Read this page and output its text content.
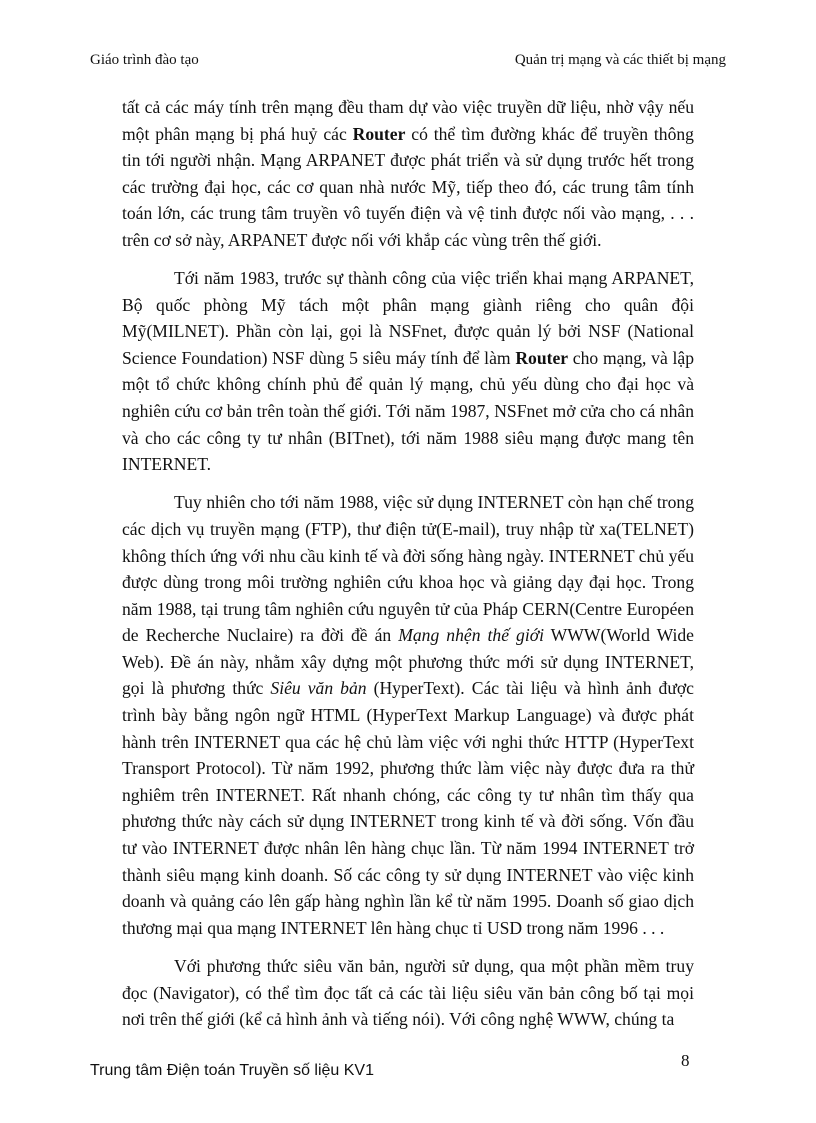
Giáo trình đào tạo	Quản trị mạng và các thiết bị mạng

tất cả các máy tính trên mạng đều tham dự vào việc truyền dữ liệu, nhờ vậy nếu một phân mạng bị phá huỷ các Router có thể tìm đường khác để truyền thông tin tới người nhận. Mạng ARPANET được phát triển và sử dụng trước hết trong các trường đại học, các cơ quan nhà nước Mỹ, tiếp theo đó, các trung tâm tính toán lớn, các trung tâm truyền vô tuyến điện và vệ tinh được nối vào mạng, . . . trên cơ sở này, ARPANET được nối với khắp các vùng trên thế giới.

Tới năm 1983, trước sự thành công của việc triển khai mạng ARPANET, Bộ quốc phòng Mỹ tách một phân mạng giành riêng cho quân đội Mỹ(MILNET). Phần còn lại, gọi là NSFnet, được quản lý bởi NSF (National Science Foundation) NSF dùng 5 siêu máy tính để làm Router cho mạng, và lập một tổ chức không chính phủ để quản lý mạng, chủ yếu dùng cho đại học và nghiên cứu cơ bản trên toàn thế giới. Tới năm 1987, NSFnet mở cửa cho cá nhân và cho các công ty tư nhân (BITnet), tới năm 1988 siêu mạng được mang tên INTERNET.

Tuy nhiên cho tới năm 1988, việc sử dụng INTERNET còn hạn chế trong các dịch vụ truyền mạng (FTP), thư điện tử(E-mail), truy nhập từ xa(TELNET) không thích ứng với nhu cầu kinh tế và đời sống hàng ngày. INTERNET chủ yếu được dùng trong môi trường nghiên cứu khoa học và giảng dạy đại học. Trong năm 1988, tại trung tâm nghiên cứu nguyên tử của Pháp CERN(Centre Européen de Recherche Nuclaire) ra đời đề án Mạng nhện thế giới WWW(World Wide Web). Đề án này, nhằm xây dựng một phương thức mới sử dụng INTERNET, gọi là phương thức Siêu văn bản (HyperText). Các tài liệu và hình ảnh được trình bày bằng ngôn ngữ HTML (HyperText Markup Language) và được phát hành trên INTERNET qua các hệ chủ làm việc với nghi thức HTTP (HyperText Transport Protocol). Từ năm 1992, phương thức làm việc này được đưa ra thử nghiêm trên INTERNET. Rất nhanh chóng, các công ty tư nhân tìm thấy qua phương thức này cách sử dụng INTERNET trong kinh tế và đời sống. Vốn đầu tư vào INTERNET được nhân lên hàng chục lần. Từ năm 1994 INTERNET trở thành siêu mạng kinh doanh. Số các công ty sử dụng INTERNET vào việc kinh doanh và quảng cáo lên gấp hàng nghìn lần kể từ năm 1995. Doanh số giao dịch thương mại qua mạng INTERNET lên hàng chục tỉ USD trong năm 1996 . . .

Với phương thức siêu văn bản, người sử dụng, qua một phần mềm truy đọc (Navigator), có thể tìm đọc tất cả các tài liệu siêu văn bản công bố tại mọi nơi trên thế giới (kể cả hình ảnh và tiếng nói). Với công nghệ WWW, chúng ta

8
Trung tâm Điện toán Truyền số liệu KV1
